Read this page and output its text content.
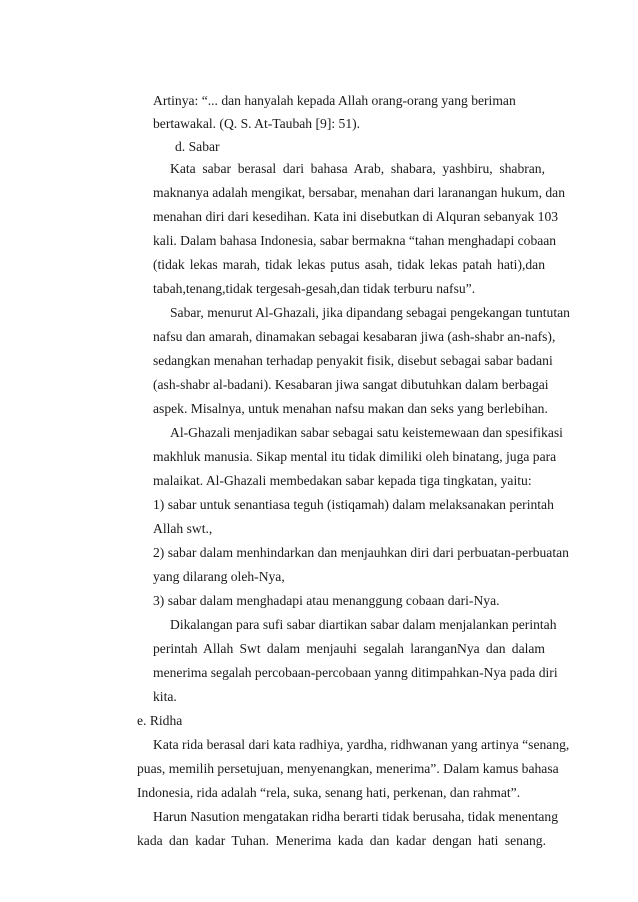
Artinya: “... dan hanyalah kepada Allah orang-orang yang beriman
bertawakal. (Q. S. At-Taubah [9]: 51).
d. Sabar
Kata sabar berasal dari bahasa Arab, shabara, yashbiru, shabran,
maknanya adalah mengikat, bersabar, menahan dari laranangan hukum, dan
menahan diri dari kesedihan. Kata ini disebutkan di Alquran sebanyak 103
kali. Dalam bahasa Indonesia, sabar bermakna “tahan menghadapi cobaan
(tidak lekas marah, tidak lekas putus asah, tidak lekas patah hati),dan
tabah,tenang,tidak tergesah-gesah,dan tidak terburu nafsu”.
Sabar, menurut Al-Ghazali, jika dipandang sebagai pengekangan tuntutan
nafsu dan amarah, dinamakan sebagai kesabaran jiwa (ash-shabr an-nafs),
sedangkan menahan terhadap penyakit fisik, disebut sebagai sabar badani
(ash-shabr al-badani). Kesabaran jiwa sangat dibutuhkan dalam berbagai
aspek. Misalnya, untuk menahan nafsu makan dan seks yang berlebihan.
Al-Ghazali menjadikan sabar sebagai satu keistemewaan dan spesifikasi
makhluk manusia. Sikap mental itu tidak dimiliki oleh binatang, juga para
malaikat. Al-Ghazali membedakan sabar kepada tiga tingkatan, yaitu:
1) sabar untuk senantiasa teguh (istiqamah) dalam melaksanakan perintah
Allah swt.,
2) sabar dalam menhindarkan dan menjauhkan diri dari perbuatan-perbuatan
yang dilarang oleh-Nya,
3) sabar dalam menghadapi atau menanggung cobaan dari-Nya.
Dikalangan para sufi sabar diartikan sabar dalam menjalankan perintah
perintah Allah Swt dalam menjauhi segalah laranganNya dan dalam
menerima segalah percobaan-percobaan yanng ditimpahkan-Nya pada diri
kita.
e. Ridha
Kata rida berasal dari kata radhiya, yardha, ridhwanan yang artinya “senang,
puas, memilih persetujuan, menyenangkan, menerima”. Dalam kamus bahasa
Indonesia, rida adalah “rela, suka, senang hati, perkenan, dan rahmat”.
Harun Nasution mengatakan ridha berarti tidak berusaha, tidak menentang
kada dan kadar Tuhan. Menerima kada dan kadar dengan hati senang.
